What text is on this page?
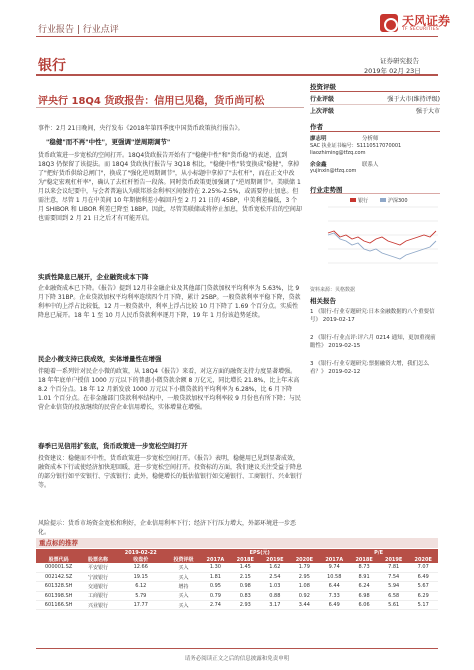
行业报告 | 行业点评
天风证券
TF SECURITIES
银行	证券研究报告
2019年 02月 23日
评央行 18Q4 货政报告：信用已见稳，货币尚可松
投资评级
行业评级	强于大市(维持评级)
上次评级	强于大市
作者
廖志明	分析师
SAC 执业证书编号：S1110517070001
liaozhiming@tfzq.com
余金鑫	联系人
yujinxin@tfzq.com
行业走势图
银行	沪深300
资料来源：贝格数据
相关报告
1 《银行-行业专题研究:日本金融数据的八个重要信号》 2019-02-17
2 《银行-行业点评:评六月 0214 通知，更加重视前瞻性》 2019-02-15
3 《银行-行业专题研究:票据融资大增，我们怎么看？》 2019-02-12
事件：2月 21日晚间，央行发布《2018年第四季度中国货币政策执行报告》。
"稳健"而不再"中性"，更强调"逆周期调节"
货币政策进一步宽松的空间打开。18Q4货政报告开始有了"稳健中性"和"货币稳"的表述，直到 18Q3 仍保留了该提法。而 18Q4 货政执行报告与 3Q18 相比，"稳健中性"转变换成"稳健"，拿掉了"把好货币供给总闸门"，换成了"强化逆周期调节"，从小标题中拿掉了"去杠杆"，而在正文中改为"稳定宏观杠杆率"，确认了去杠杆暂告一段落。同时货币政策更加强调了"逆周期调节"。美联储 1 月以来会议纪要中，与会者普遍认为联邦基金利率区间保持在 2.25%-2.5%，或需要停止加息。但需注意，尽管 1 月在中美间 10 年期债利差小幅回升至 2 月 21 日的 45BP，中美利差偏低，3 个月 SHIBOR 和 LIBOR 利差已降至 18BP。因此，尽管美联储或将停止加息，货币宽松开启的空间却也需要回到 2 月 21 日之后才有可能开启。
实质性降息已展开，企业融资成本下降
企业融资成本已下降。《报告》提到 12月非金融企业及其他部门贷款加权平均利率为 5.63%，比 9 月下降 31BP。企业贷款加权平均利率连续四个月下降，累计 25BP。一般贷款利率平稳下降，贷款利率中的上浮占比较低，12 月一般贷款中，利率上浮占比较 10 月下降了 1.69 个百分点。实质性降息已展开。18 年 1 至 10 月人民币贷款利率逐月下降，19 年 1 月份该趋势延续。
民企小微支持已获成效，实体增量性在增强
伴随着一系列针对民企小微的政策，从 18Q4《报告》来看，对这方面的融资支持力度显著增强。18 年年底单户授信 1000 万元以下的普惠小微贷款余额 8 万亿元，同比增长 21.8%，比上年末高 8.2 个百分点。18 年 12 月新发放 1000 万元以下小微贷款的平均利率为 6.28%，比 6 月下降 1.01 个百分点。在非金融部门贷款利率结构中，一般贷款加权平均利率较 9 月份也有所下降；与民营企业信贷的投放继续的民营企业信用增长，实体增量在增强。
春季已见信用扩张底，货币政策进一步宽松空间打开
投资建议：稳健而不中性，货币政策进一步宽松空间打开。《报告》表明，稳健用已见到显著成效，融资成本下行或使经济加快迎回暖，进一步宽松空间打开。投资标的方面，我们建议关注受益于降息的部分银行如平安银行、宁波银行；此外，稳健增长的低估值银行如交通银行、工商银行、兴业银行等。
风险提示：货币市场资金宽松和利好，企业信用利率下行；经济下行压力增大，外部环境进一步恶化。
重点标的推荐
		2019-02-22		EPS(元)				P/E			
股票代码	股票名称	收盘价	投资评级	2017A	2018E	2019E	2020E	2017A	2018E	2019E	2020E
000001.SZ	平安银行	12.66	买入	1.30	1.45	1.62	1.79	9.74	8.73	7.81	7.07
002142.SZ	宁波银行	19.15	买入	1.81	2.15	2.54	2.95	10.58	8.91	7.54	6.49
601328.SH	交通银行	6.12	增持	0.95	0.98	1.03	1.08	6.44	6.24	5.94	5.67
601398.SH	工商银行	5.79	买入	0.79	0.83	0.88	0.92	7.33	6.98	6.58	6.29
601166.SH	兴业银行	17.77	买入	2.74	2.93	3.17	3.44	6.49	6.06	5.61	5.17
请务必阅读正文之后的信息披露和免责申明
